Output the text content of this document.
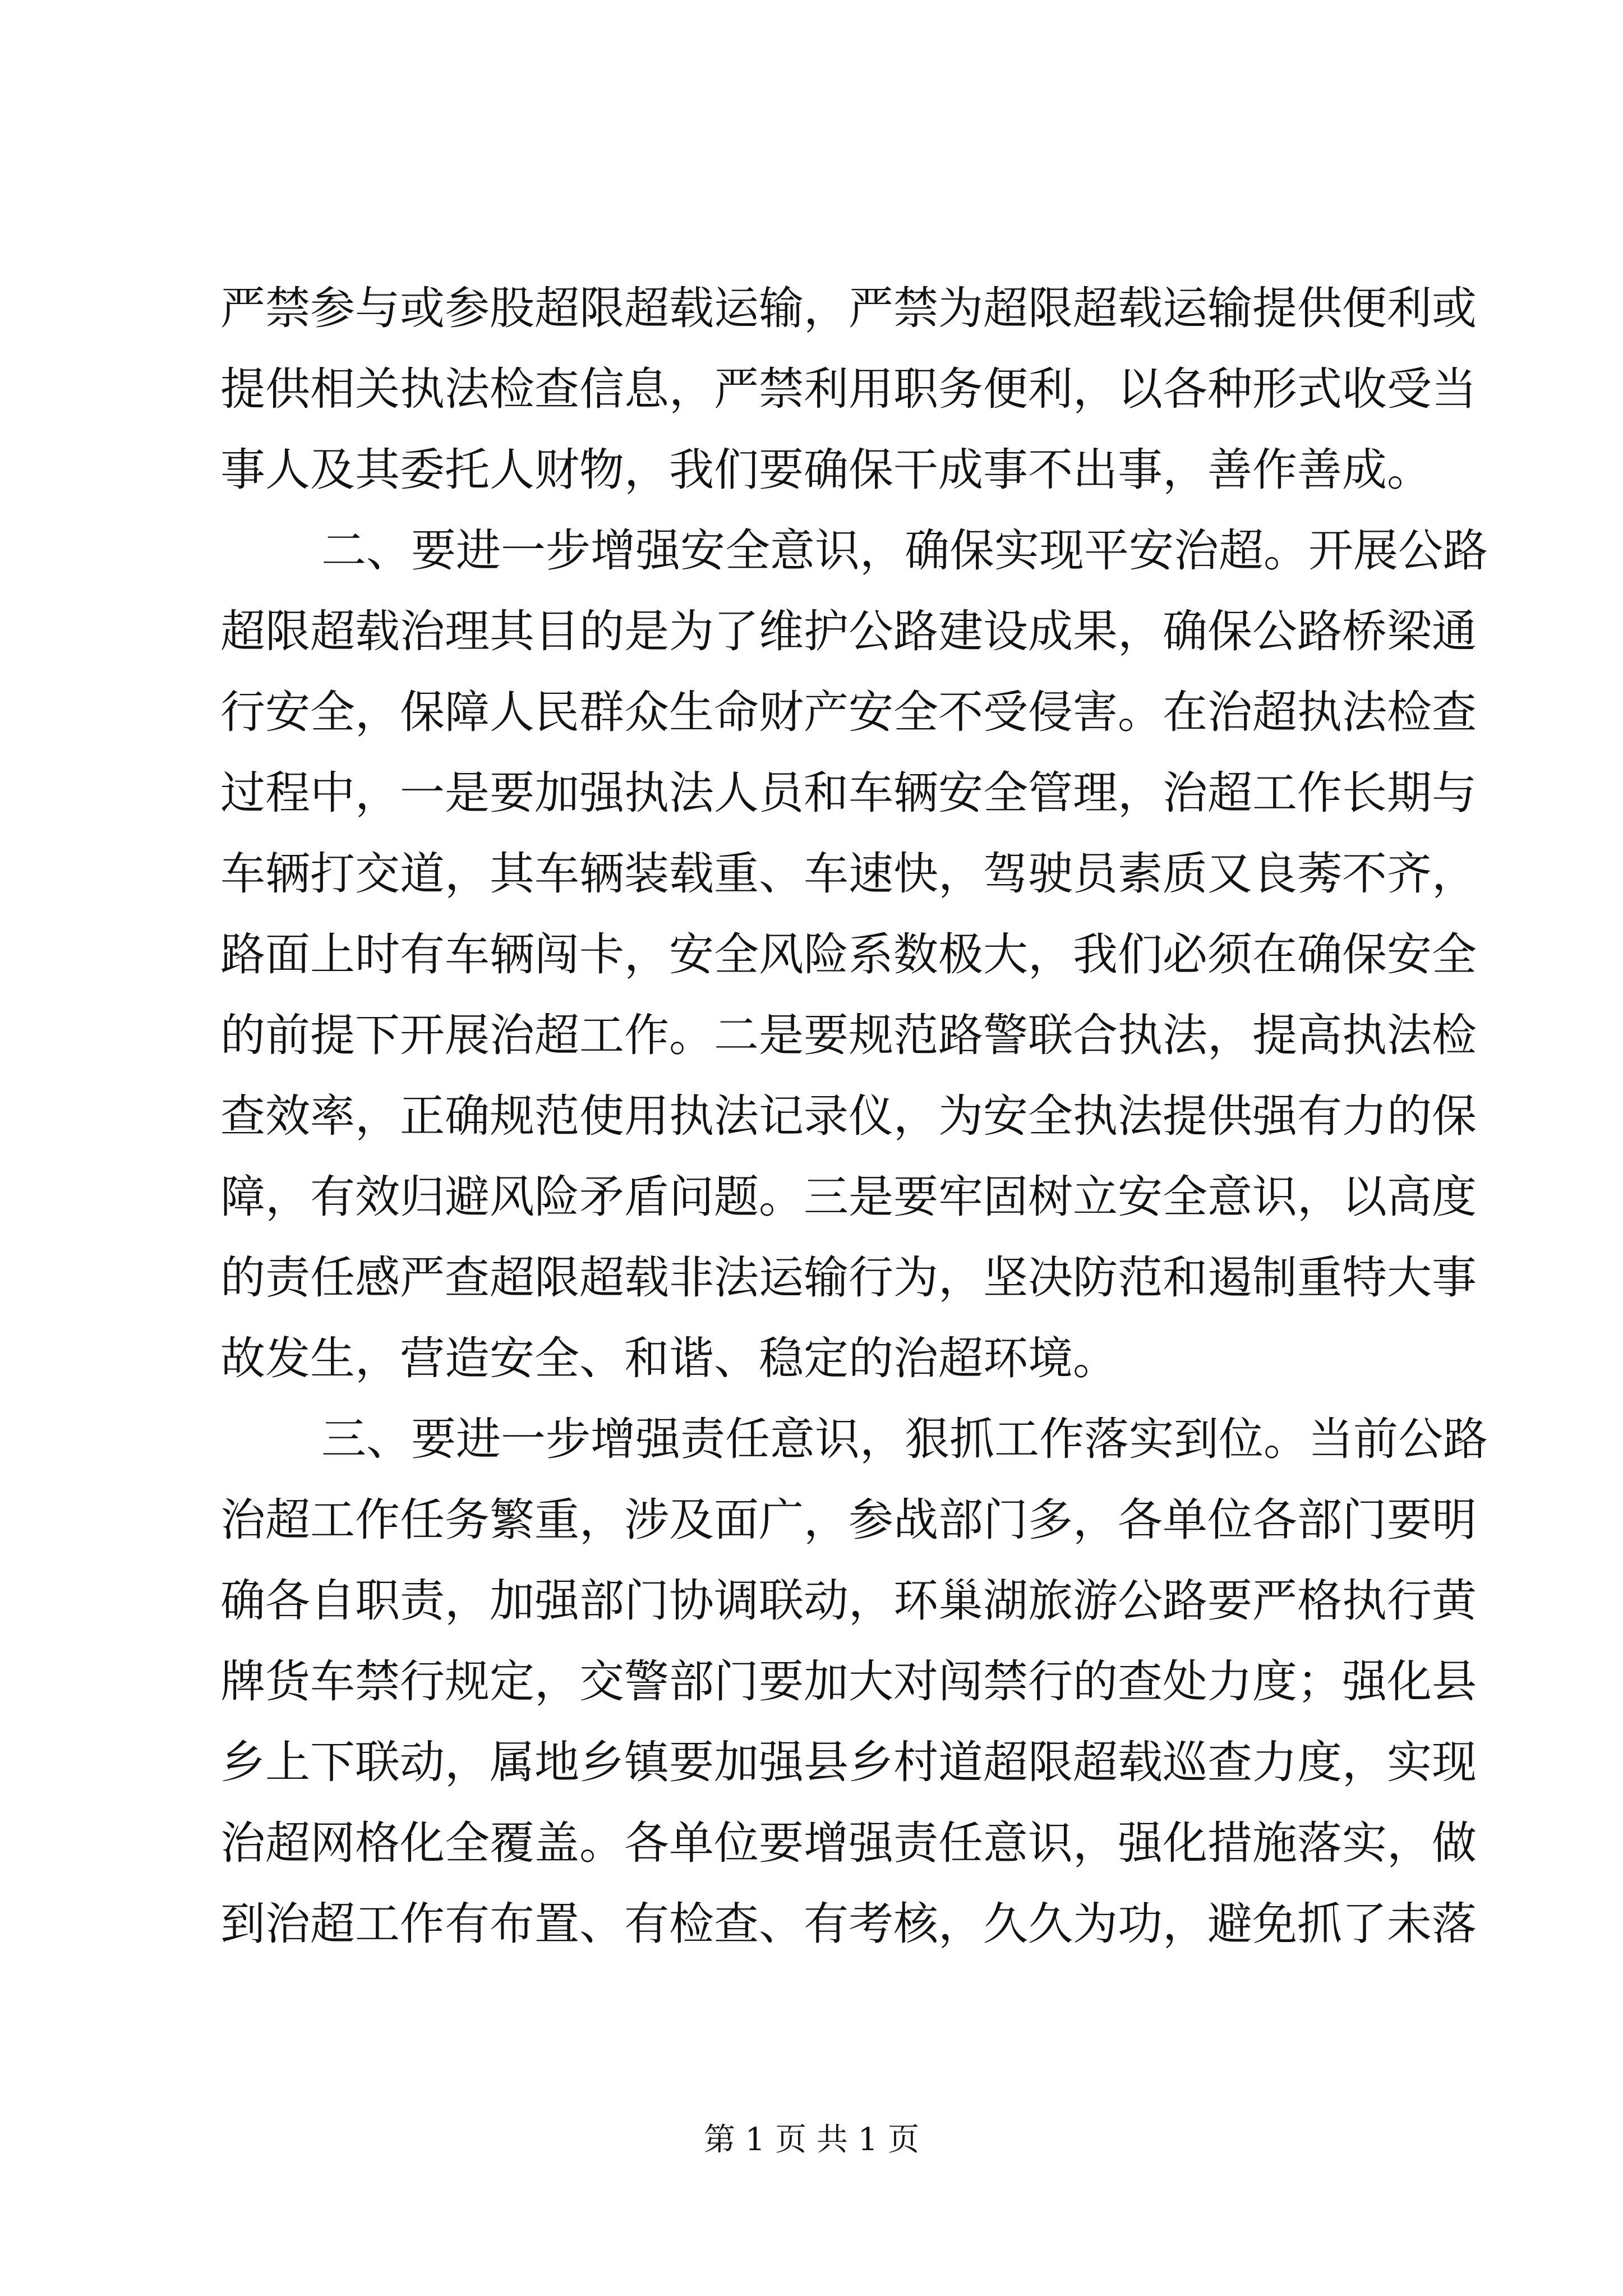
严禁参与或参股超限超载运输，严禁为超限超载运输提供便利或
提供相关执法检查信息，严禁利用职务便利，以各种形式收受当
事人及其委托人财物，我们要确保干成事不出事，善作善成。
二、要进一步增强安全意识，确保实现平安治超。开展公路
超限超载治理其目的是为了维护公路建设成果，确保公路桥梁通
行安全，保障人民群众生命财产安全不受侵害。在治超执法检查
过程中，一是要加强执法人员和车辆安全管理，治超工作长期与
车辆打交道，其车辆装载重、车速快，驾驶员素质又良莠不齐，
路面上时有车辆闯卡，安全风险系数极大，我们必须在确保安全
的前提下开展治超工作。二是要规范路警联合执法，提高执法检
查效率，正确规范使用执法记录仪，为安全执法提供强有力的保
障，有效归避风险矛盾问题。三是要牢固树立安全意识，以高度
的责任感严查超限超载非法运输行为，坚决防范和遏制重特大事
故发生，营造安全、和谐、稳定的治超环境。
三、要进一步增强责任意识，狠抓工作落实到位。当前公路
治超工作任务繁重，涉及面广，参战部门多，各单位各部门要明
确各自职责，加强部门协调联动，环巢湖旅游公路要严格执行黄
牌货车禁行规定，交警部门要加大对闯禁行的查处力度；强化县
乡上下联动，属地乡镇要加强县乡村道超限超载巡查力度，实现
治超网格化全覆盖。各单位要增强责任意识，强化措施落实，做
到治超工作有布置、有检查、有考核，久久为功，避免抓了未落
第 1 页 共 1 页
